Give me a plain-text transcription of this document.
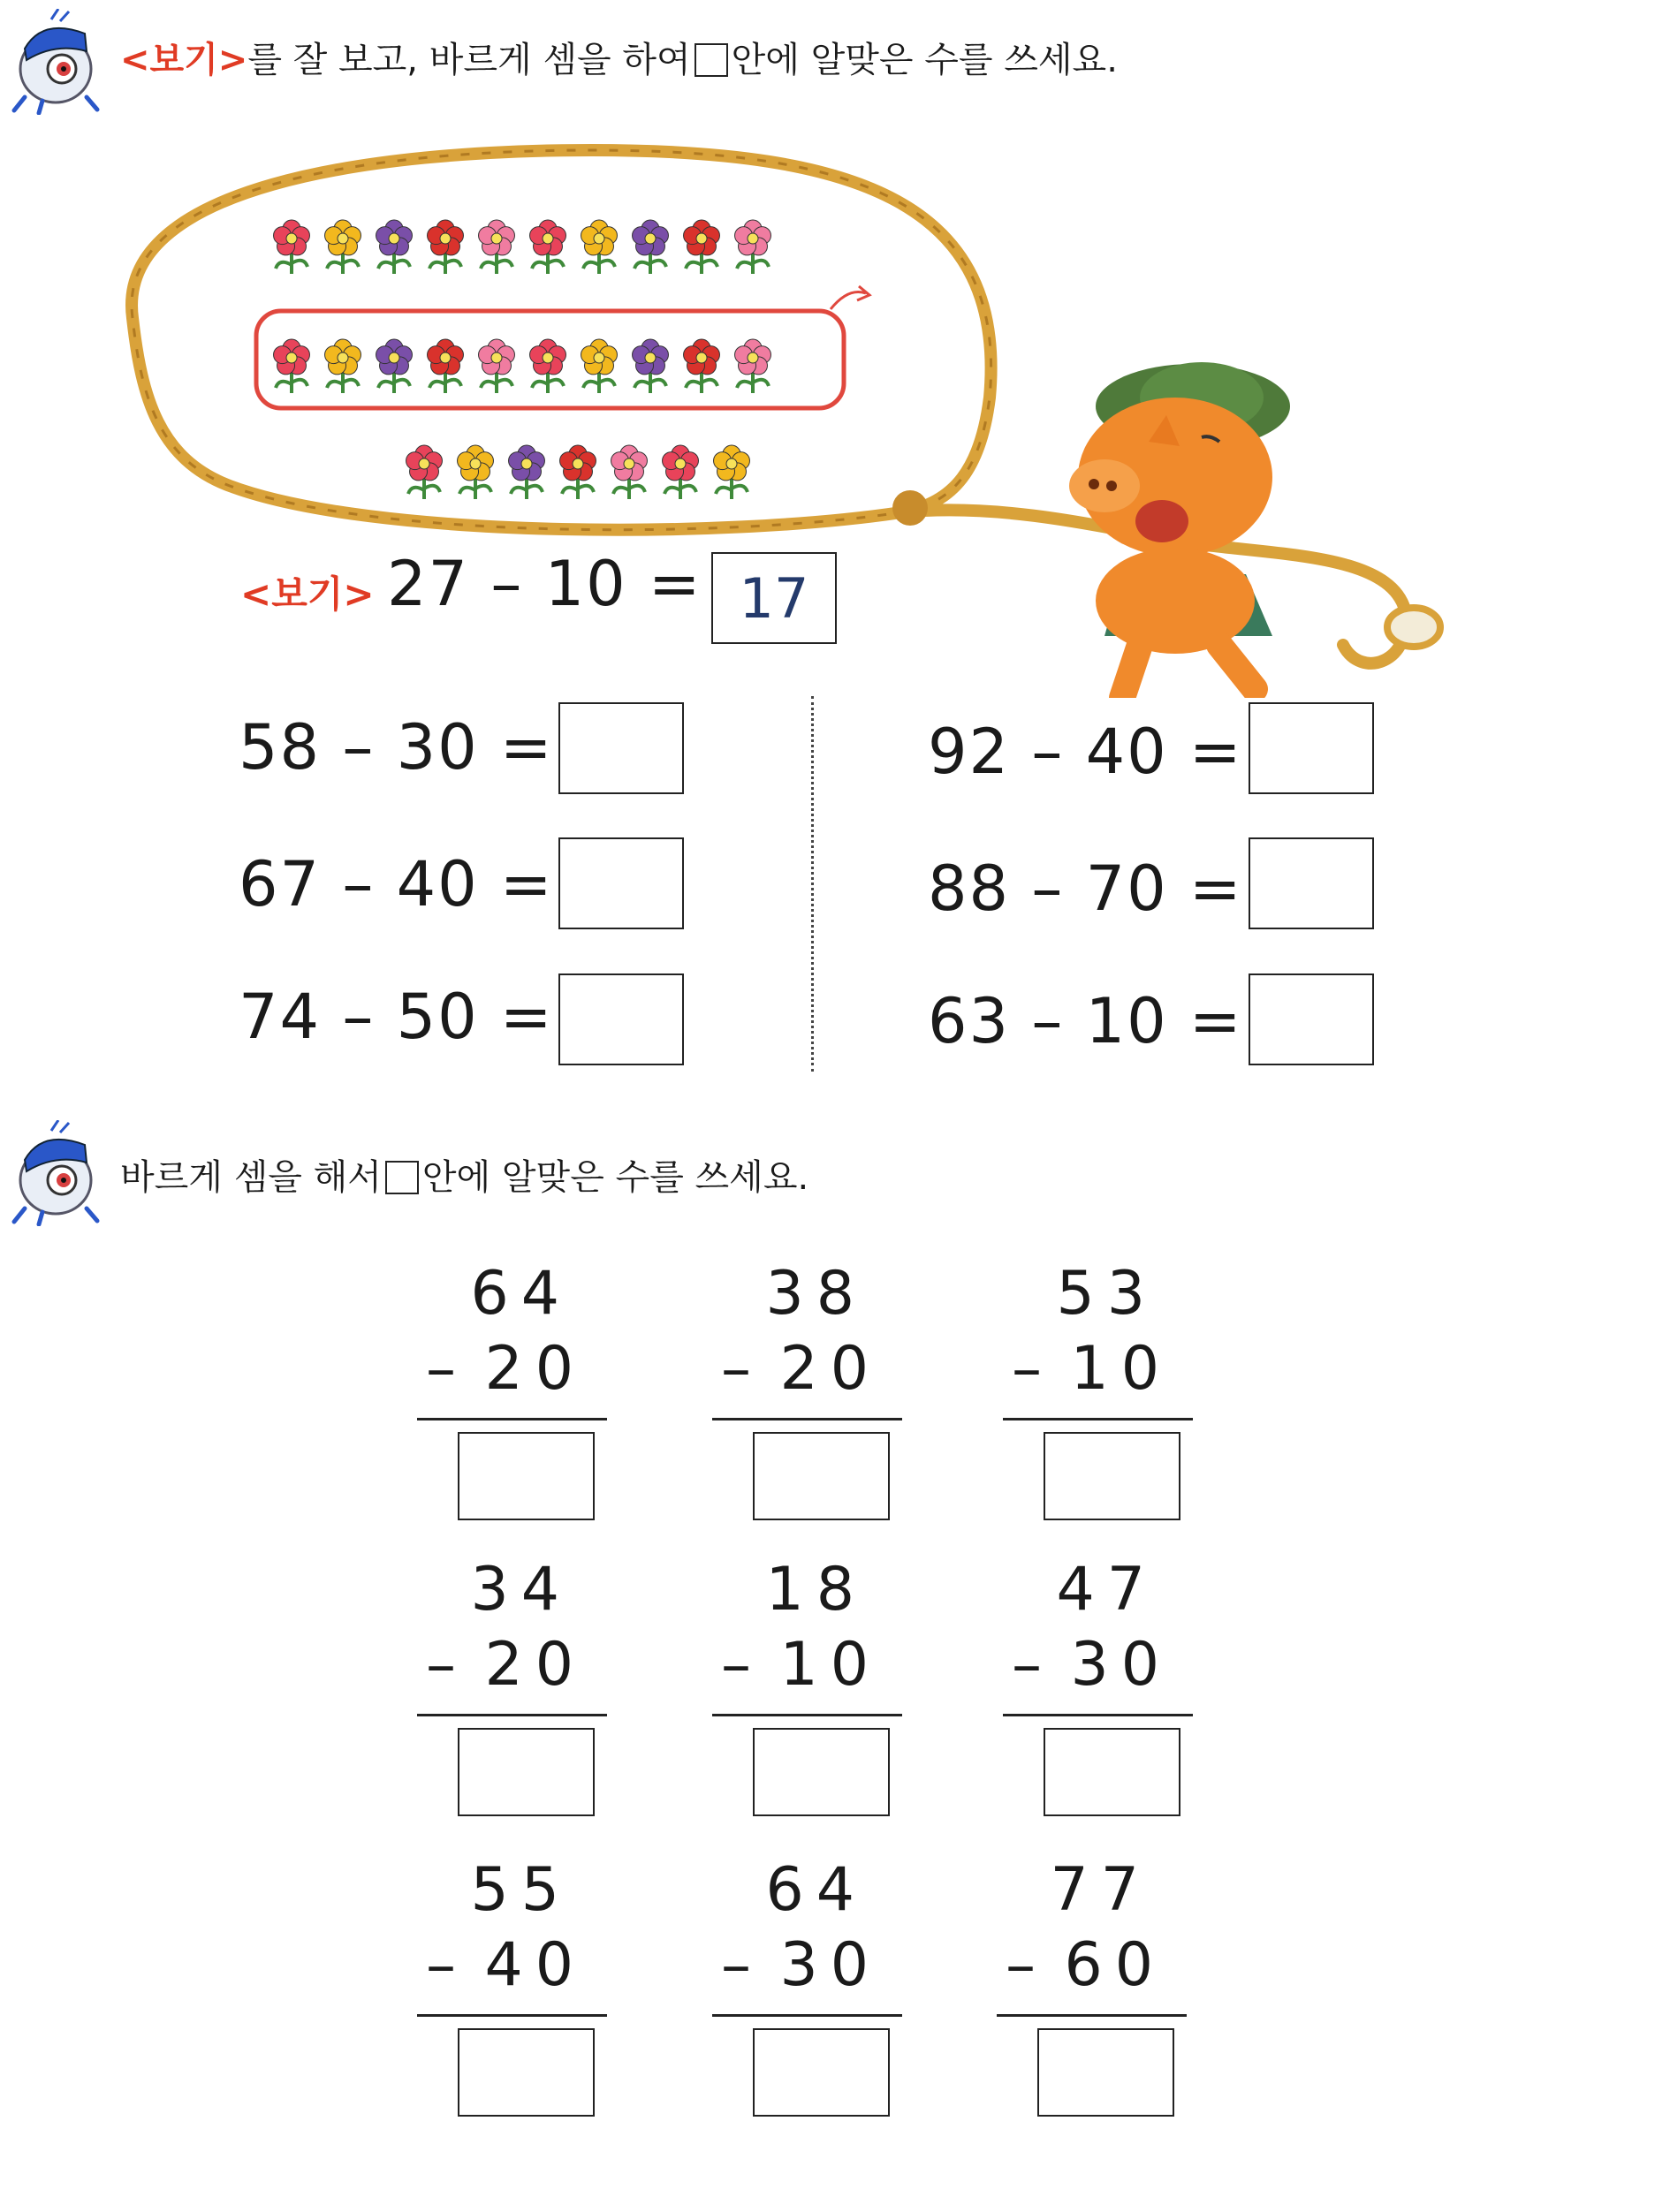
<보기> 를 잘 보고, 바르게 셈을 하여 안에 알맞은 수를 쓰세요.
<보기> 27 – 10 = 17
58 – 30 =
67 – 40 =
74 – 50 =
92 – 40 =
88 – 70 =
63 – 10 =
바르게 셈을 해서 안에 알맞은 수를 쓰세요.
64
– 20
38
– 20
53
– 10
34
– 20
18
– 10
47
– 30
55
– 40
64
– 30
77
– 60
